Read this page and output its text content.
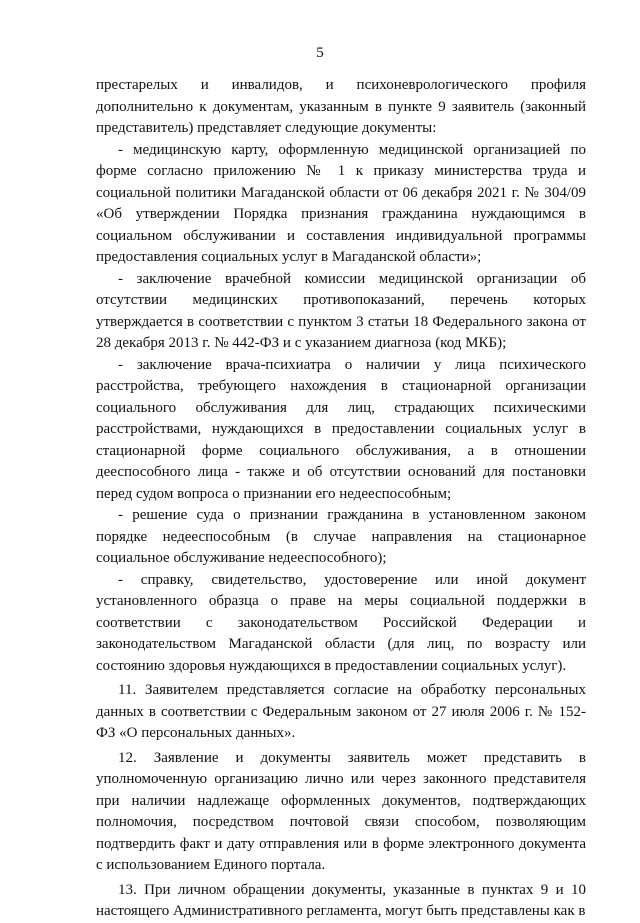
5

престарелых и инвалидов, и психоневрологического профиля дополнительно к документам, указанным в пункте 9 заявитель (законный представитель) представляет следующие документы:

- медицинскую карту, оформленную медицинской организацией по форме согласно приложению № 1 к приказу министерства труда и социальной политики Магаданской области от 06 декабря 2021 г. № 304/09 «Об утверждении Порядка признания гражданина нуждающимся в социальном обслуживании и составления индивидуальной программы предоставления социальных услуг в Магаданской области»;

- заключение врачебной комиссии медицинской организации об отсутствии медицинских противопоказаний, перечень которых утверждается в соответствии с пунктом 3 статьи 18 Федерального закона от 28 декабря 2013 г. № 442-ФЗ и с указанием диагноза (код МКБ);

- заключение врача-психиатра о наличии у лица психического расстройства, требующего нахождения в стационарной организации социального обслуживания для лиц, страдающих психическими расстройствами, нуждающихся в предоставлении социальных услуг в стационарной форме социального обслуживания, а в отношении дееспособного лица - также и об отсутствии оснований для постановки перед судом вопроса о признании его недееспособным;

- решение суда о признании гражданина в установленном законом порядке недееспособным (в случае направления на стационарное социальное обслуживание недееспособного);

- справку, свидетельство, удостоверение или иной документ установленного образца о праве на меры социальной поддержки в соответствии с законодательством Российской Федерации и законодательством Магаданской области (для лиц, по возрасту или состоянию здоровья нуждающихся в предоставлении социальных услуг).

11. Заявителем представляется согласие на обработку персональных данных в соответствии с Федеральным законом от 27 июля 2006 г. № 152-ФЗ «О персональных данных».

12. Заявление и документы заявитель может представить в уполномоченную организацию лично или через законного представителя при наличии надлежаще оформленных документов, подтверждающих полномочия, посредством почтовой связи способом, позволяющим подтвердить факт и дату отправления или в форме электронного документа с использованием Единого портала.

13. При личном обращении документы, указанные в пунктах 9 и 10 настоящего Административного регламента, могут быть представлены как в
